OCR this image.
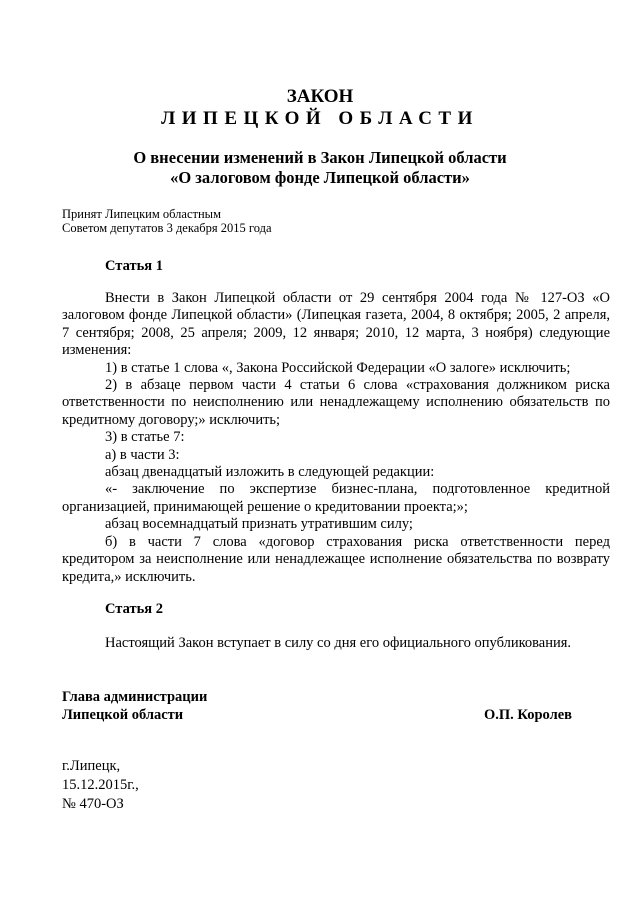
ЗАКОН
ЛИПЕЦКОЙ ОБЛАСТИ
О внесении изменений в Закон Липецкой области
«О залоговом фонде Липецкой области»
Принят Липецким областным
Советом депутатов 3 декабря 2015 года
Статья 1

Внести в Закон Липецкой области от 29 сентября 2004 года № 127-ОЗ «О залоговом фонде Липецкой области» (Липецкая газета, 2004, 8 октября; 2005, 2 апреля, 7 сентября; 2008, 25 апреля; 2009, 12 января; 2010, 12 марта, 3 ноября) следующие изменения:

1) в статье 1 слова «, Закона Российской Федерации «О залоге» исключить;

2) в абзаце первом части 4 статьи 6 слова «страхования должником риска ответственности по неисполнению или ненадлежащему исполнению обязательств по кредитному договору;» исключить;

3) в статье 7:

а) в части 3:

абзац двенадцатый изложить в следующей редакции:

«- заключение по экспертизе бизнес-плана, подготовленное кредитной организацией, принимающей решение о кредитовании проекта;»;

абзац восемнадцатый признать утратившим силу;

б) в части 7 слова «договор страхования риска ответственности перед кредитором за неисполнение или ненадлежащее исполнение обязательства по возврату кредита,» исключить.

Статья 2

Настоящий Закон вступает в силу со дня его официального опубликования.

Глава администрации
Липецкой области	О.П. Королев
г.Липецк,
15.12.2015г.,
№ 470-ОЗ
